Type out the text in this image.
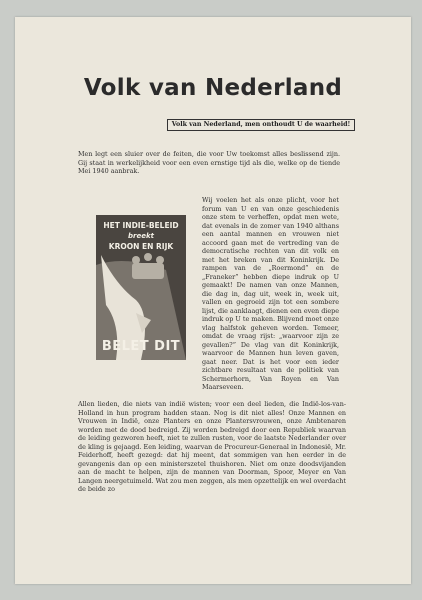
Volk van Nederland
Volk van Nederland, men onthoudt U de waarheid!

Men legt een sluier over de feiten, die voor Uw toekomst alles beslissend zijn. Gij staat in werkelijkheid voor een even ernstige tijd als die, welke op de tiende Mei 1940 aanbrak.

HET INDIE-BELEID
breekt
KROON EN RIJK
BELET DIT

Wij voelen het als onze plicht, voor het forum van U en van onze geschiedenis onze stem te verheffen, opdat men wete, dat evenals in de zomer van 1940 althans een aantal mannen en vrouwen niet accoord gaan met de vertreding van de democratische rechten van dit volk en met het breken van dit Koninkrijk. De rampen van de „Roermond” en de „Franeker” hebben diepe indruk op U gemaakt! De namen van onze Mannen, die dag in, dag uit, week in, week uit, vallen en gegroeid zijn tot een sombere lijst, die aanklaagt, dienen een even diepe indruk op U te maken. Blijvend moet onze vlag halfstok geheven worden. Temeer, omdat de vraag rijst: „waarvoor zijn ze gevallen?” De vlag van dit Koninkrijk, waarvoor de Mannen hun leven gaven, gaat neer. Dat is het voor een ieder zichtbare resultaat van de politiek van Schermerhorn, Van Royen en Van Maarseveen.

Allen lieden, die niets van indië wisten; voor een deel lieden, die Indië-los-van-Holland in hun program hadden staan. Nog is dit niet alles! Onze Mannen en Vrouwen in Indië, onze Planters en onze Plantersvrouwen, onze Ambtenaren worden met de dood bedreigd. Zij worden bedreigd door een Republiek waarvan de leiding gezworen heeft, niet te zullen rusten, voor de laatste Nederlander over de kling is gejaagd. Een leiding, waarvan de Procureur-Generaal in Indonesië, Mr. Feiderhoff, heeft gezegd: dat hij meent, dat sommigen van hen eerder in de gevangenis dan op een ministerszetel thuishoren. Niet om onze doodsvijanden aan de macht te helpen, zijn de mannen van Doorman, Spoor, Meyer en Van Langen neergetuimeld. Wat zou men zeggen, als men opzettelijk en wel overdacht de beide zo
